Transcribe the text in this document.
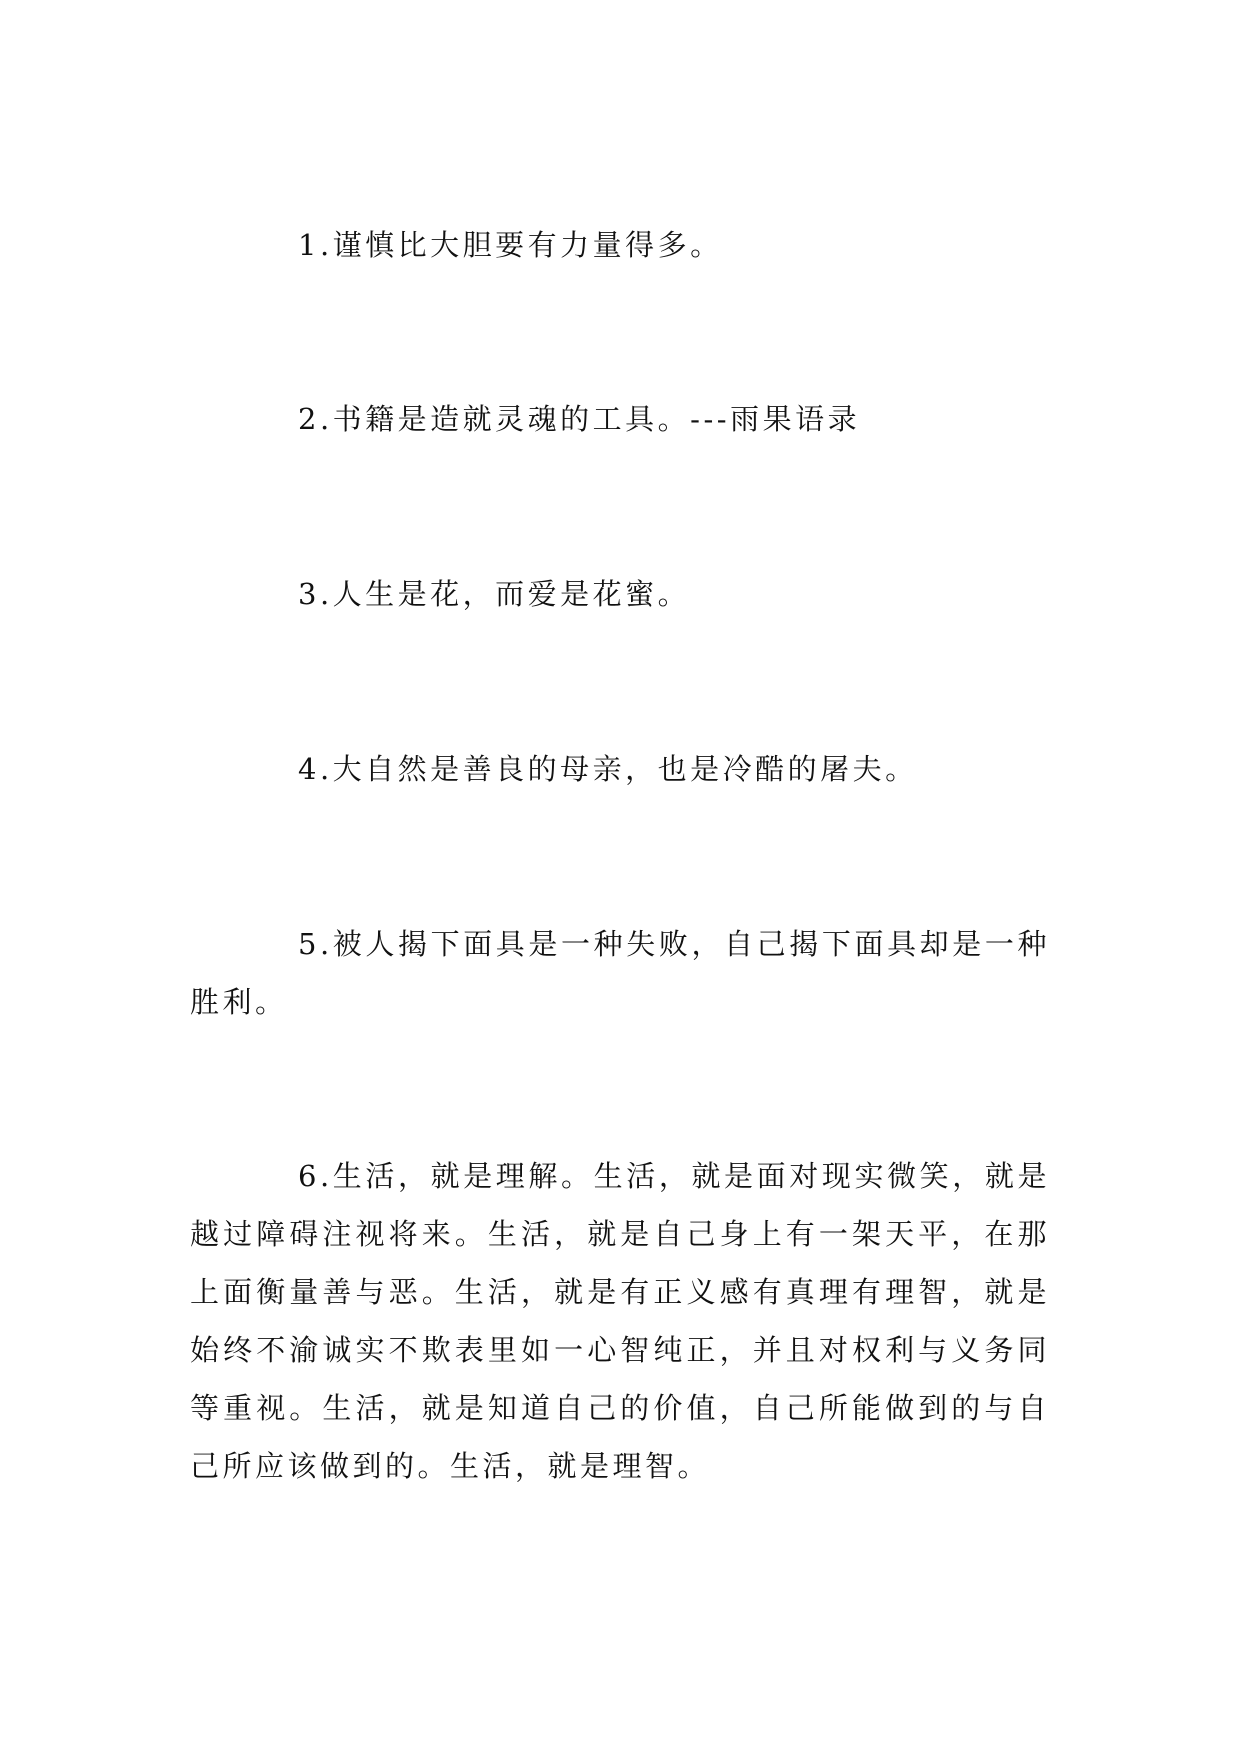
1.谨慎比大胆要有力量得多。

2.书籍是造就灵魂的工具。---雨果语录

3.人生是花，而爱是花蜜。

4.大自然是善良的母亲，也是冷酷的屠夫。

5.被人揭下面具是一种失败，自己揭下面具却是一种胜利。

6.生活，就是理解。生活，就是面对现实微笑，就是越过障碍注视将来。生活，就是自己身上有一架天平，在那上面衡量善与恶。生活，就是有正义感有真理有理智，就是始终不渝诚实不欺表里如一心智纯正，并且对权利与义务同等重视。生活，就是知道自己的价值，自己所能做到的与自己所应该做到的。生活，就是理智。
